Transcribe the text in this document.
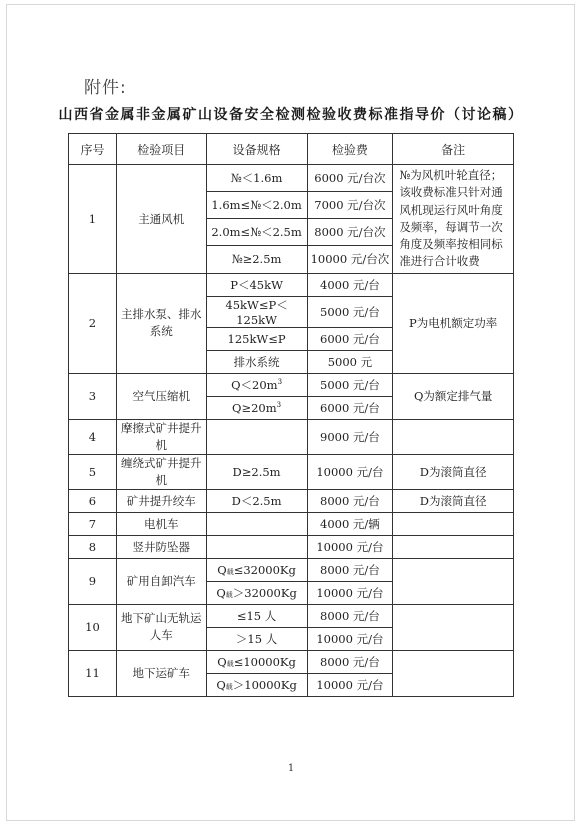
附件:
山西省金属非金属矿山设备安全检测检验收费标准指导价（讨论稿）
序号	检验项目	设备规格	检验费	备注
1	主通风机	№＜1.6m	6000 元/台次	№为风机叶轮直径；该收费标准只针对通风机现运行风叶角度及频率，每调节一次角度及频率按相同标准进行合计收费
		1.6m≤№＜2.0m	7000 元/台次	
		2.0m≤№＜2.5m	8000 元/台次	
		№≥2.5m	10000 元/台次	
2	主排水泵、排水系统	P＜45kW	4000 元/台	P为电机额定功率
		45kW≤P＜125kW	5000 元/台	
		125kW≤P	6000 元/台	
		排水系统	5000 元	
3	空气压缩机	$Q<20m^3$	5000 元/台	Q为额定排气量
		$Q\ge 20m^3$	6000 元/台	
4	摩擦式矿井提升机		9000 元/台	
5	缠绕式矿井提升机	D≥2.5m	10000 元/台	D为滚筒直径
6	矿井提升绞车	D＜2.5m	8000 元/台	D为滚筒直径
7	电机车		4000 元/辆	
8	竖井防坠器		10000 元/台	
9	矿用自卸汽车	Q载≤32000Kg	8000 元/台	
		Q载＞32000Kg	10000 元/台	
10	地下矿山无轨运人车	≤15 人	8000 元/台	
		＞15 人	10000 元/台	
11	地下运矿车	Q载≤10000Kg	8000 元/台	
		Q载＞10000Kg	10000 元/台	
1
